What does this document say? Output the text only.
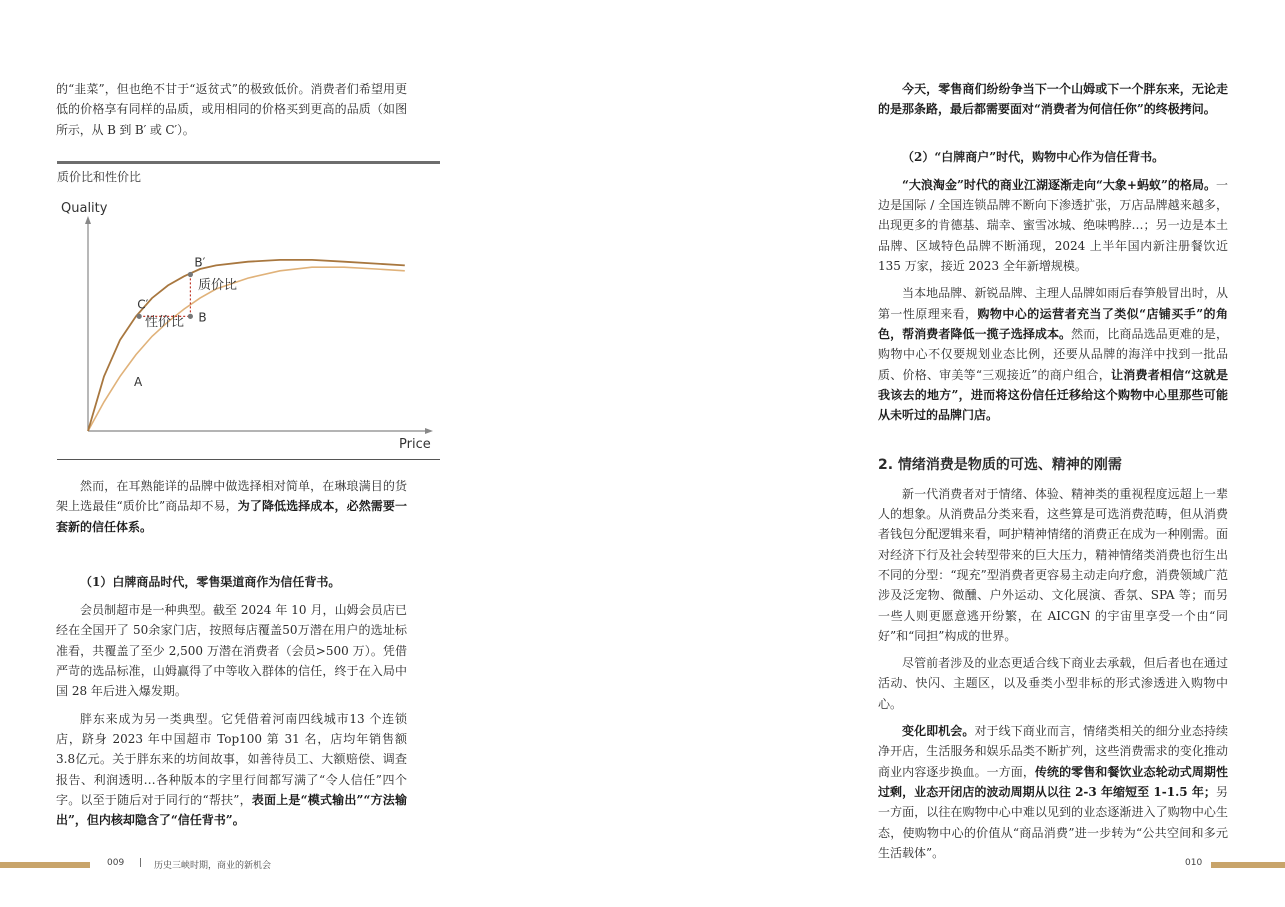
的“韭菜”，但也绝不甘于“返贫式”的极致低价。消费者们希望用更低的价格享有同样的品质，或用相同的价格买到更高的品质（如图所示，从 B 到 B′ 或 C′）。

质价比和性价比
Quality
Price
A
B
B′
C′
质价比
性价比

然而，在耳熟能详的品牌中做选择相对简单，在琳琅满目的货架上选最佳“质价比”商品却不易，为了降低选择成本，必然需要一套新的信任体系。

（1）白牌商品时代，零售渠道商作为信任背书。

会员制超市是一种典型。截至 2024 年 10 月，山姆会员店已经在全国开了 50余家门店，按照每店覆盖50万潜在用户的选址标准看，共覆盖了至少 2,500 万潜在消费者（会员>500 万）。凭借严苛的选品标准，山姆赢得了中等收入群体的信任，终于在入局中国 28 年后进入爆发期。

胖东来成为另一类典型。它凭借着河南四线城市13 个连锁店，跻身 2023 年中国超市 Top100 第 31 名，店均年销售额 3.8亿元。关于胖东来的坊间故事，如善待员工、大额赔偿、调查报告、利润透明…各种版本的字里行间都写满了“令人信任”四个字。以至于随后对于同行的“帮扶”，表面上是“模式输出”“方法输出”，但内核却隐含了“信任背书”。

今天，零售商们纷纷争当下一个山姆或下一个胖东来，无论走的是那条路，最后都需要面对“消费者为何信任你”的终极拷问。

（2）“白牌商户”时代，购物中心作为信任背书。

“大浪淘金”时代的商业江湖逐渐走向“大象+蚂蚁”的格局。一边是国际 / 全国连锁品牌不断向下渗透扩张，万店品牌越来越多，出现更多的肯德基、瑞幸、蜜雪冰城、绝味鸭脖…；另一边是本土品牌、区域特色品牌不断涌现，2024 上半年国内新注册餐饮近 135 万家，接近 2023 全年新增规模。

当本地品牌、新锐品牌、主理人品牌如雨后春笋般冒出时，从第一性原理来看，购物中心的运营者充当了类似“店铺买手”的角色，帮消费者降低一揽子选择成本。然而，比商品选品更难的是，购物中心不仅要规划业态比例，还要从品牌的海洋中找到一批品质、价格、审美等“三观接近”的商户组合，让消费者相信“这就是我该去的地方”，进而将这份信任迁移给这个购物中心里那些可能从未听过的品牌门店。

2. 情绪消费是物质的可选、精神的刚需

新一代消费者对于情绪、体验、精神类的重视程度远超上一辈人的想象。从消费品分类来看，这些算是可选消费范畴，但从消费者钱包分配逻辑来看，呵护精神情绪的消费正在成为一种刚需。面对经济下行及社会转型带来的巨大压力，精神情绪类消费也衍生出不同的分型：“现充”型消费者更容易主动走向疗愈，消费领域广范涉及泛宠物、微醺、户外运动、文化展演、香氛、SPA 等；而另一些人则更愿意逃开纷繁，在 AICGN 的宇宙里享受一个由“同好”和“同担”构成的世界。

尽管前者涉及的业态更适合线下商业去承载，但后者也在通过活动、快闪、主题区，以及垂类小型非标的形式渗透进入购物中心。

变化即机会。对于线下商业而言，情绪类相关的细分业态持续净开店，生活服务和娱乐品类不断扩列，这些消费需求的变化推动商业内容逐步换血。一方面，传统的零售和餐饮业态轮动式周期性过剩，业态开闭店的波动周期从以往 2-3 年缩短至 1-1.5 年；另一方面，以往在购物中心中难以见到的业态逐渐进入了购物中心生态，使购物中心的价值从“商品消费”进一步转为“公共空间和多元生活载体”。

009 | 历史三峡时期，商业的新机会	010
